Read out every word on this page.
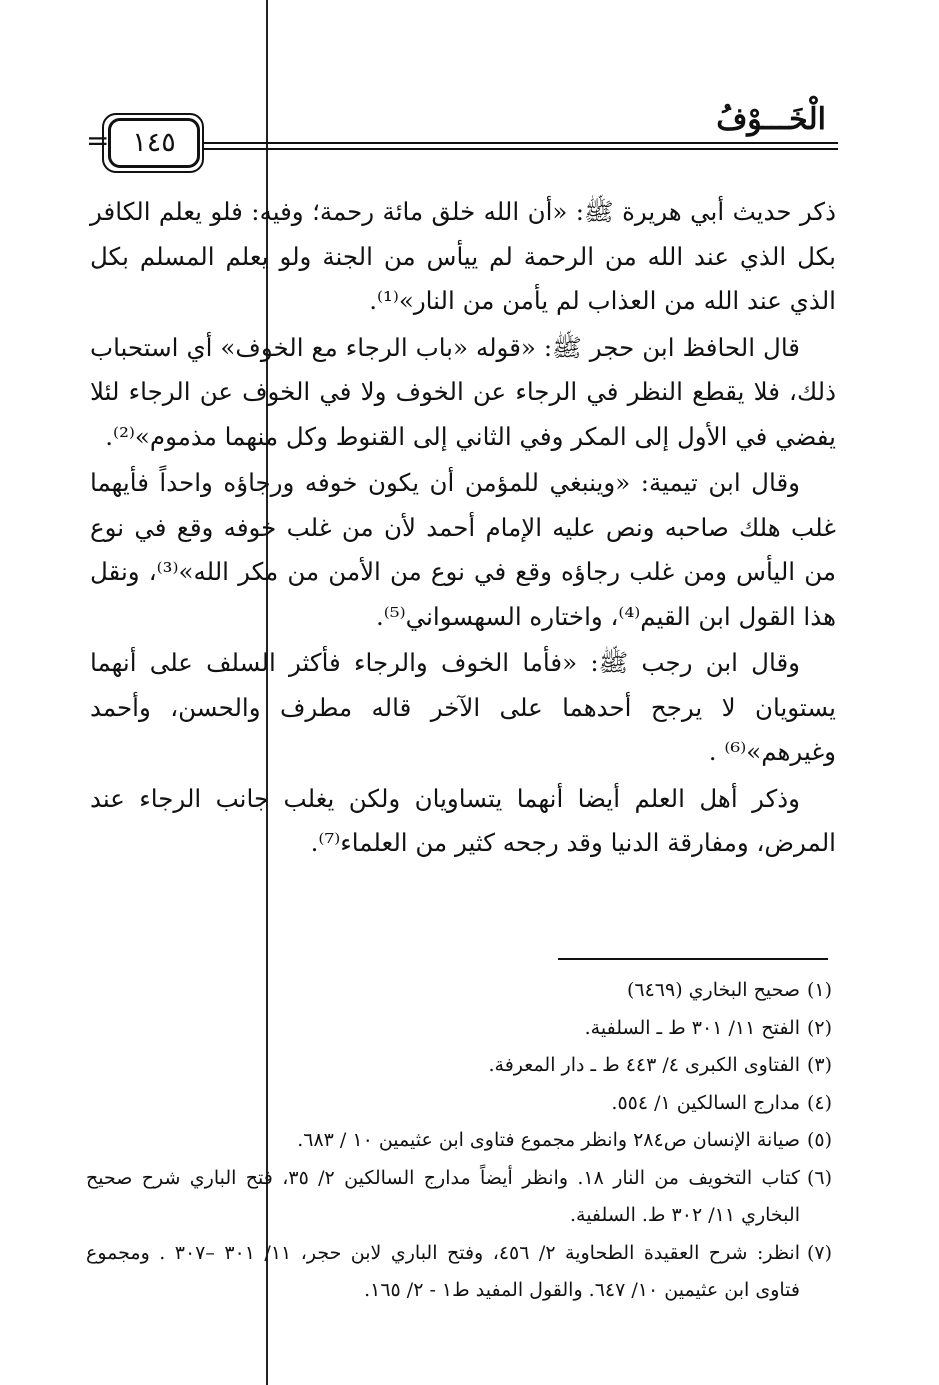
= ١٤٥
الْخَـــوْفُ

ذكر حديث أبي هريرة ﷺ: «أن الله خلق مائة رحمة؛ وفيه: فلو يعلم الكافر بكل الذي عند الله من الرحمة لم ييأس من الجنة ولو يعلم المسلم بكل الذي عند الله من العذاب لم يأمن من النار»⁽¹⁾.

قال الحافظ ابن حجر ﷺ: «قوله «باب الرجاء مع الخوف» أي استحباب ذلك، فلا يقطع النظر في الرجاء عن الخوف ولا في الخوف عن الرجاء لئلا يفضي في الأول إلى المكر وفي الثاني إلى القنوط وكل منهما مذموم»⁽²⁾.

وقال ابن تيمية: «وينبغي للمؤمن أن يكون خوفه ورجاؤه واحداً فأيهما غلب هلك صاحبه ونص عليه الإمام أحمد لأن من غلب خوفه وقع في نوع من اليأس ومن غلب رجاؤه وقع في نوع من الأمن من مكر الله»⁽³⁾، ونقل هذا القول ابن القيم⁽⁴⁾، واختاره السهسواني⁽⁵⁾.

وقال ابن رجب ﷺ: «فأما الخوف والرجاء فأكثر السلف على أنهما يستويان لا يرجح أحدهما على الآخر قاله مطرف والحسن، وأحمد وغيرهم»⁽⁶⁾ .

وذكر أهل العلم أيضا أنهما يتساويان ولكن يغلب جانب الرجاء عند المرض، ومفارقة الدنيا وقد رجحه كثير من العلماء⁽⁷⁾.

(١)
صحيح البخاري (٦٤٦٩)
(٢)
الفتح ١١/ ٣٠١ ط ـ السلفية.
(٣)
الفتاوى الكبرى ٤/ ٤٤٣ ط ـ دار المعرفة.
(٤)
مدارج السالكين ١/ ٥٥٤.
(٥)
صيانة الإنسان ص٢٨٤ وانظر مجموع فتاوى ابن عثيمين ١٠ / ٦٨٣.
(٦)
كتاب التخويف من النار ١٨. وانظر أيضاً مدارج السالكين ٢/ ٣٥، فتح الباري شرح صحيح البخاري ١١/ ٣٠٢ ط. السلفية.
(٧)
انظر: شرح العقيدة الطحاوية ٢/ ٤٥٦، وفتح الباري لابن حجر، ١١/ ٣٠١ –٣٠٧ . ومجموع فتاوى ابن عثيمين ١٠/ ٦٤٧. والقول المفيد ط١ - ٢/ ١٦٥.
